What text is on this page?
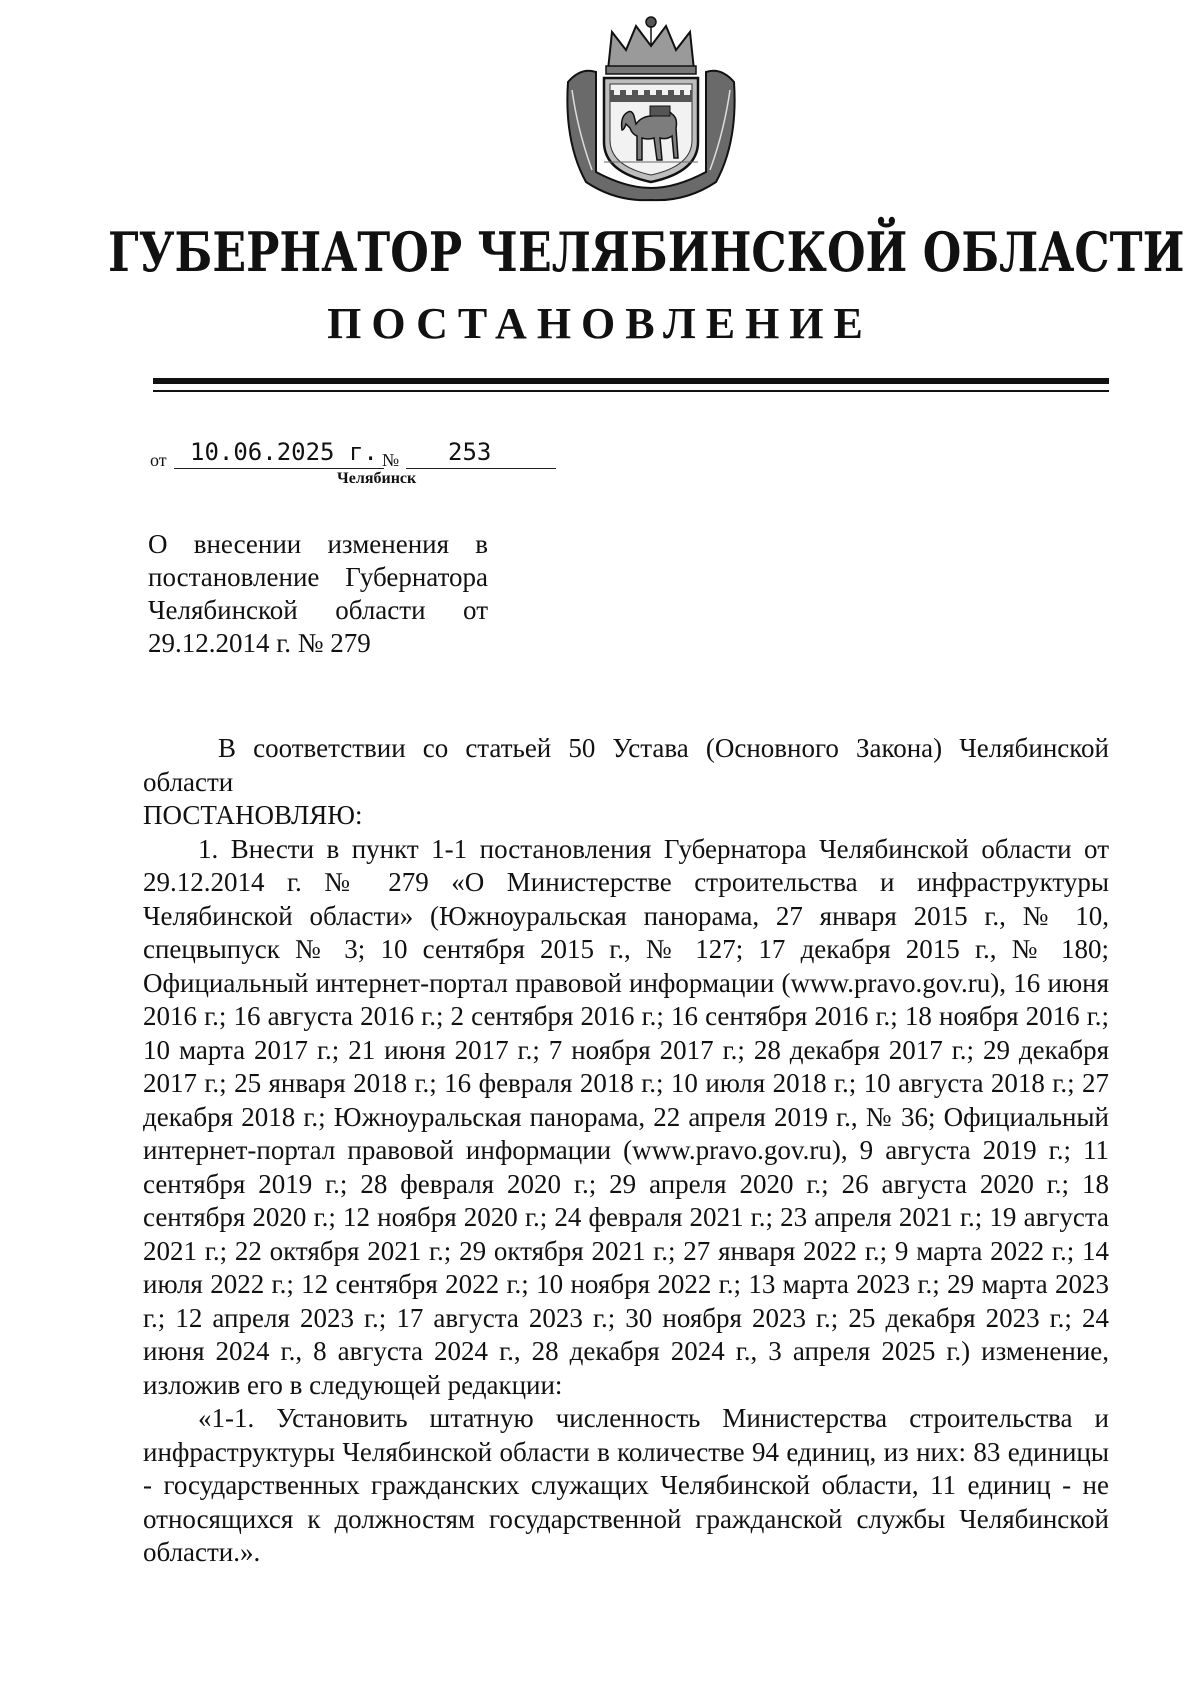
ГУБЕРНАТОР ЧЕЛЯБИНСКОЙ ОБЛАСТИ
ПОСТАНОВЛЕНИЕ
от 10.06.2025 г. № 253
Челябинск
О внесении изменения в постановление Губернатора Челябинской области от 29.12.2014 г. № 279

В соответствии со статьей 50 Устава (Основного Закона) Челябинской области

ПОСТАНОВЛЯЮ:

1. Внести в пункт 1-1 постановления Губернатора Челябинской области от 29.12.2014 г. № 279 «О Министерстве строительства и инфраструктуры Челябинской области» (Южноуральская панорама, 27 января 2015 г., № 10, спецвыпуск № 3; 10 сентября 2015 г., № 127; 17 декабря 2015 г., № 180; Официальный интернет-портал правовой информации (www.pravo.gov.ru), 16 июня 2016 г.; 16 августа 2016 г.; 2 сентября 2016 г.; 16 сентября 2016 г.; 18 ноября 2016 г.; 10 марта 2017 г.; 21 июня 2017 г.; 7 ноября 2017 г.; 28 декабря 2017 г.; 29 декабря 2017 г.; 25 января 2018 г.; 16 февраля 2018 г.; 10 июля 2018 г.; 10 августа 2018 г.; 27 декабря 2018 г.; Южноуральская панорама, 22 апреля 2019 г., № 36; Официальный интернет-портал правовой информации (www.pravo.gov.ru), 9 августа 2019 г.; 11 сентября 2019 г.; 28 февраля 2020 г.; 29 апреля 2020 г.; 26 августа 2020 г.; 18 сентября 2020 г.; 12 ноября 2020 г.; 24 февраля 2021 г.; 23 апреля 2021 г.; 19 августа 2021 г.; 22 октября 2021 г.; 29 октября 2021 г.; 27 января 2022 г.; 9 марта 2022 г.; 14 июля 2022 г.; 12 сентября 2022 г.; 10 ноября 2022 г.; 13 марта 2023 г.; 29 марта 2023 г.; 12 апреля 2023 г.; 17 августа 2023 г.; 30 ноября 2023 г.; 25 декабря 2023 г.; 24 июня 2024 г., 8 августа 2024 г., 28 декабря 2024 г., 3 апреля 2025 г.) изменение, изложив его в следующей редакции:

«1-1. Установить штатную численность Министерства строительства и инфраструктуры Челябинской области в количестве 94 единиц, из них: 83 единицы - государственных гражданских служащих Челябинской области, 11 единиц - не относящихся к должностям государственной гражданской службы Челябинской области.».
